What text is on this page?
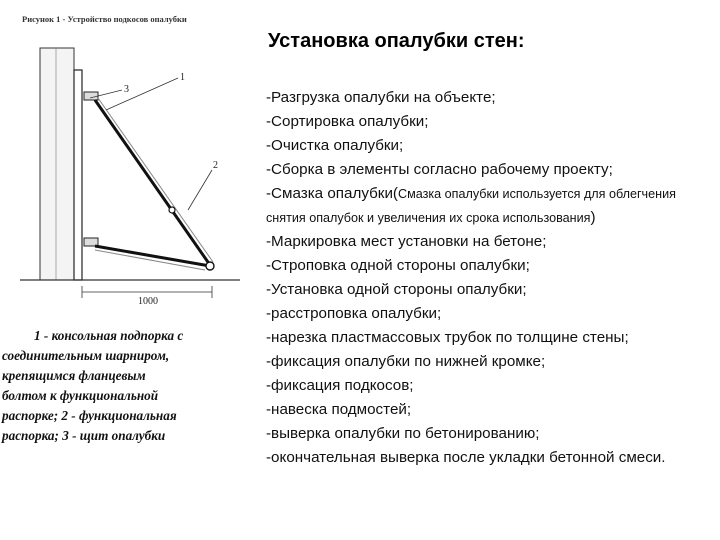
Рисунок 1 - Устройство подкосов опалубки
1
3
2
1000
1 - консольная подпорка с
соединительным шарниром,
крепящимся фланцевым
болтом к функциональной
распорке; 2 - функциональная
распорка; 3 - щит опалубки
Установка опалубки стен:
-Разгрузка опалубки на объекте;
-Сортировка опалубки;
-Очистка опалубки;
-Сборка в элементы согласно рабочему проекту;
-Смазка опалубки(Смазка опалубки используется для облегчения снятия опалубок и увеличения их срока использования)
-Маркировка мест установки на бетоне;
-Строповка одной стороны опалубки;
-Установка одной стороны опалубки;
-расстроповка опалубки;
-нарезка пластмассовых трубок по толщине стены;
-фиксация опалубки по нижней кромке;
-фиксация подкосов;
-навеска подмостей;
-выверка опалубки по бетонированию;
-окончательная выверка после укладки бетонной смеси.
